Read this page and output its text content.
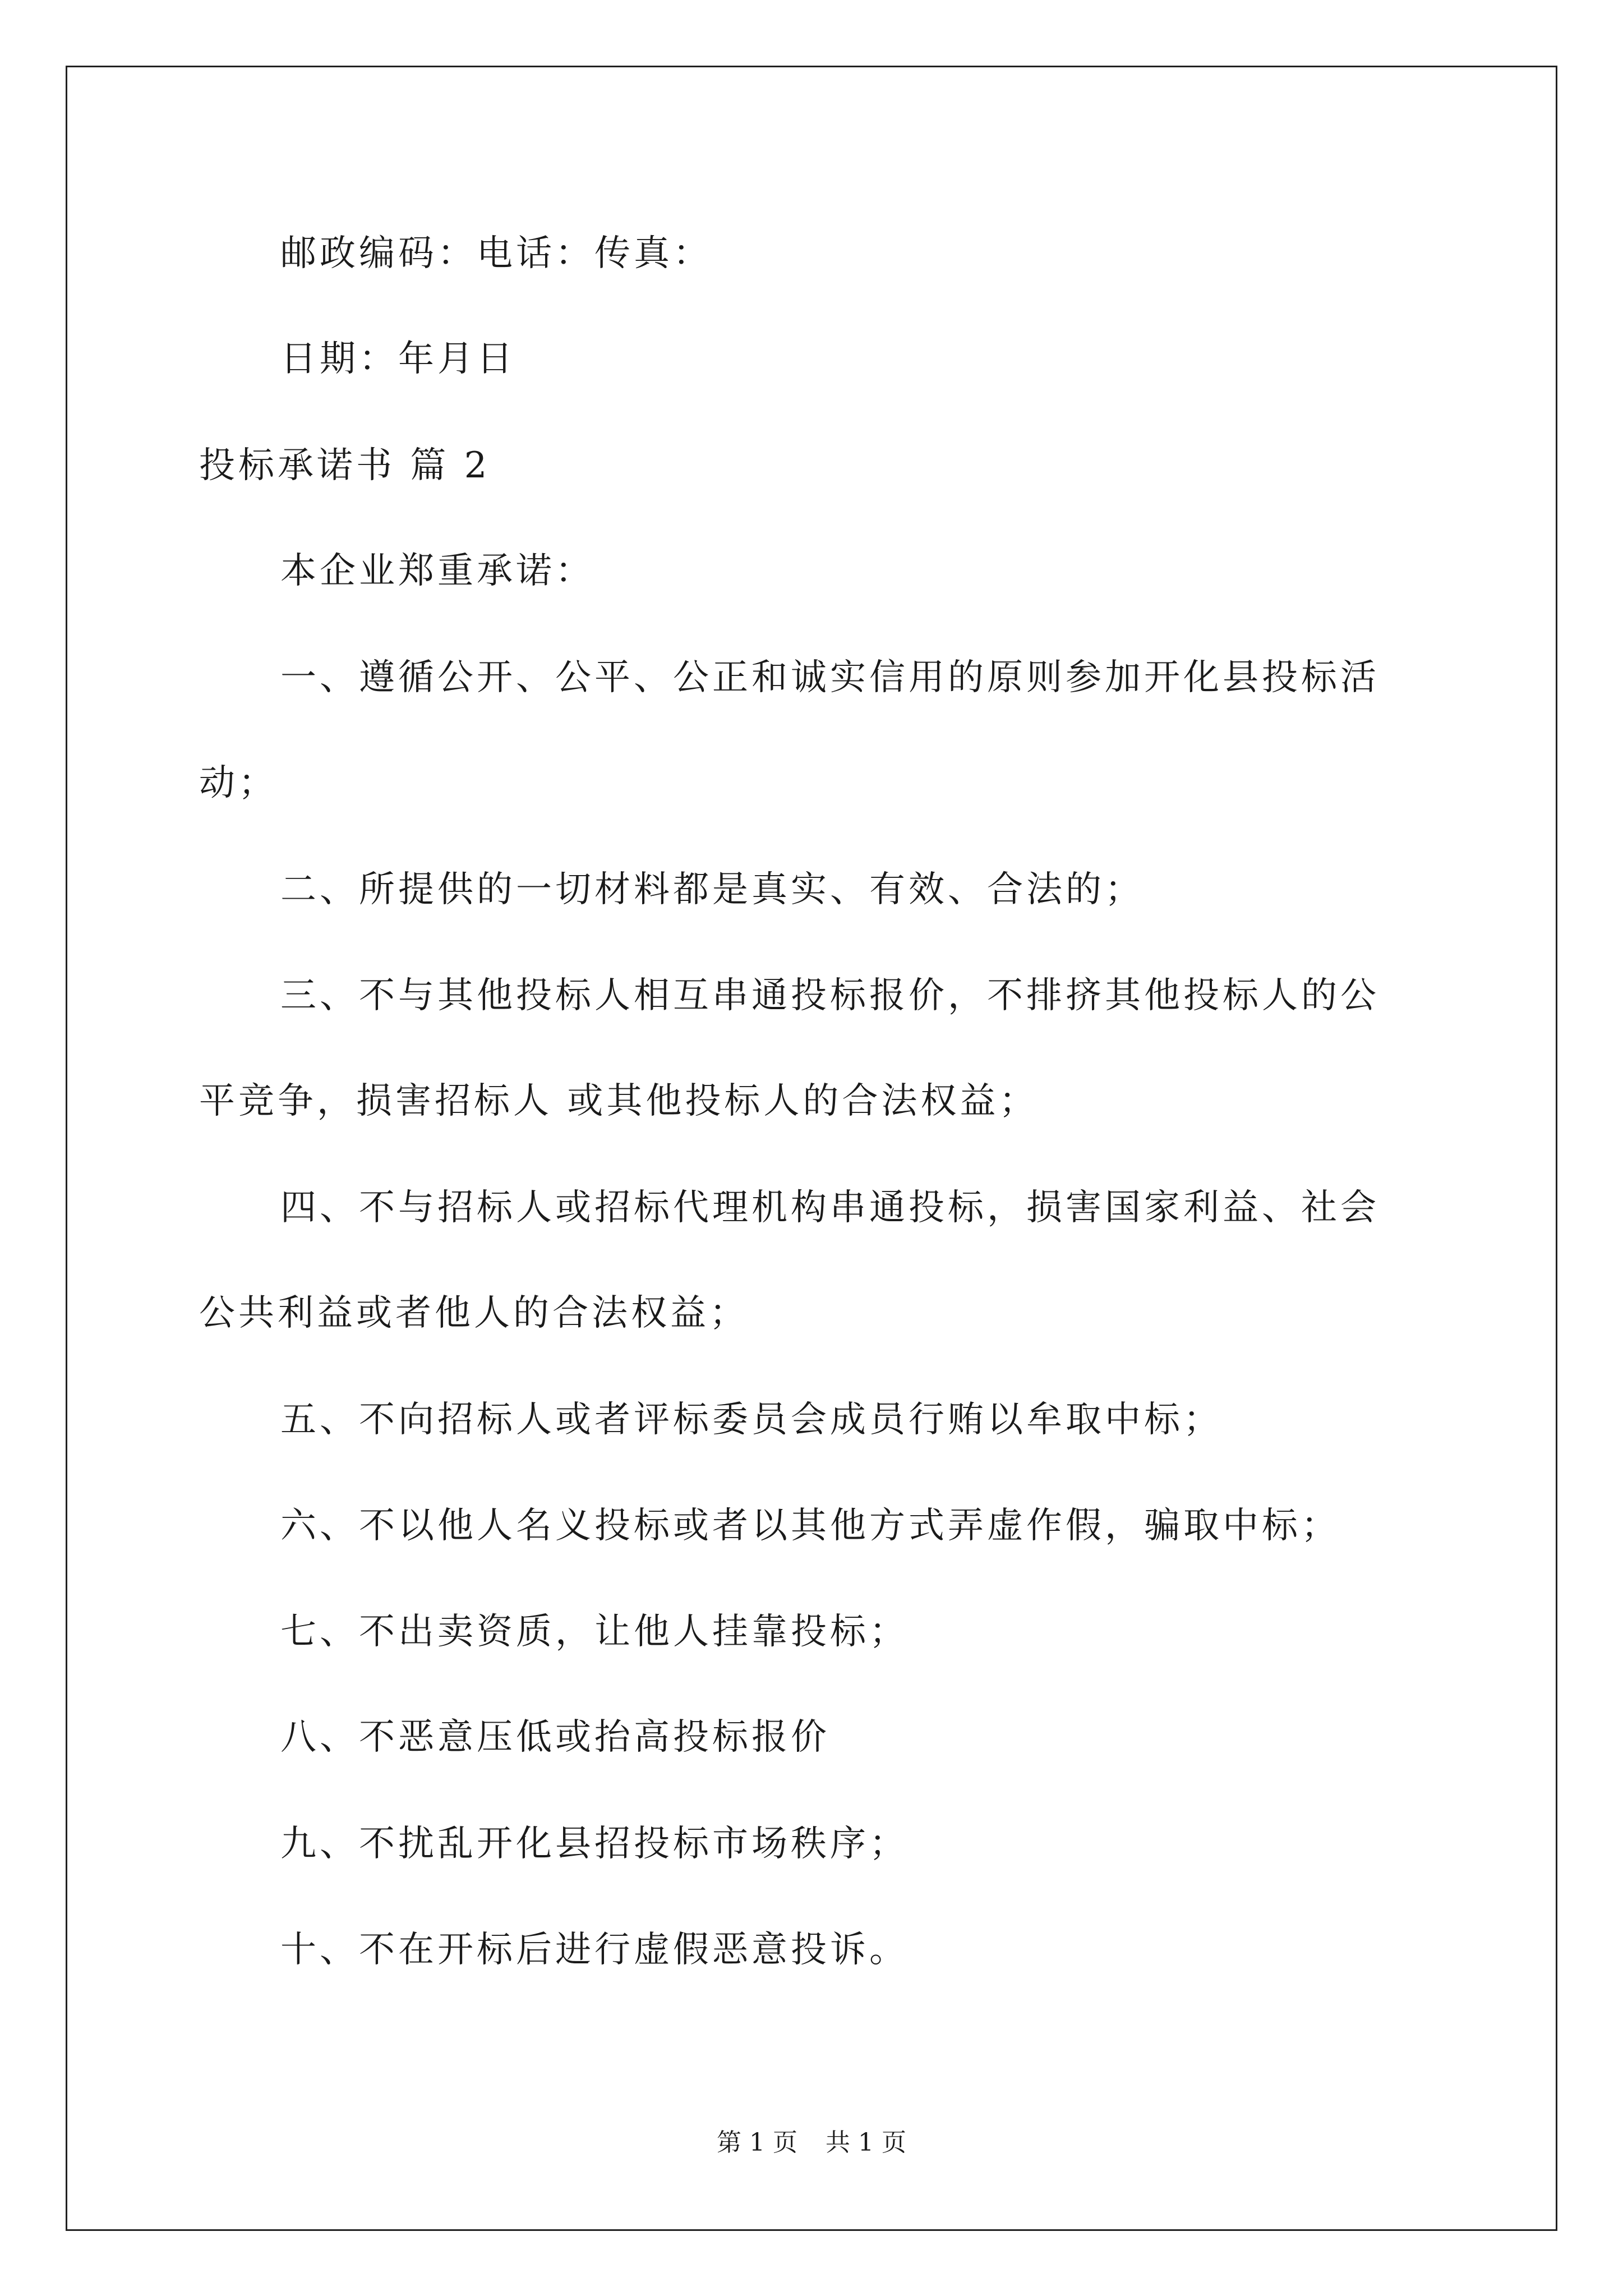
邮政编码：电话：传真：

日期：年月日

投标承诺书 篇 2

本企业郑重承诺：

一、遵循公开、公平、公正和诚实信用的原则参加开化县投标活

动；

二、所提供的一切材料都是真实、有效、合法的；

三、不与其他投标人相互串通投标报价，不排挤其他投标人的公

平竞争，损害招标人 或其他投标人的合法权益；

四、不与招标人或招标代理机构串通投标，损害国家利益、社会

公共利益或者他人的合法权益；

五、不向招标人或者评标委员会成员行贿以牟取中标；

六、不以他人名义投标或者以其他方式弄虚作假，骗取中标；

七、不出卖资质，让他人挂靠投标；

八、不恶意压低或抬高投标报价

九、不扰乱开化县招投标市场秩序；

十、不在开标后进行虚假恶意投诉。

第 1 页 共 1 页
